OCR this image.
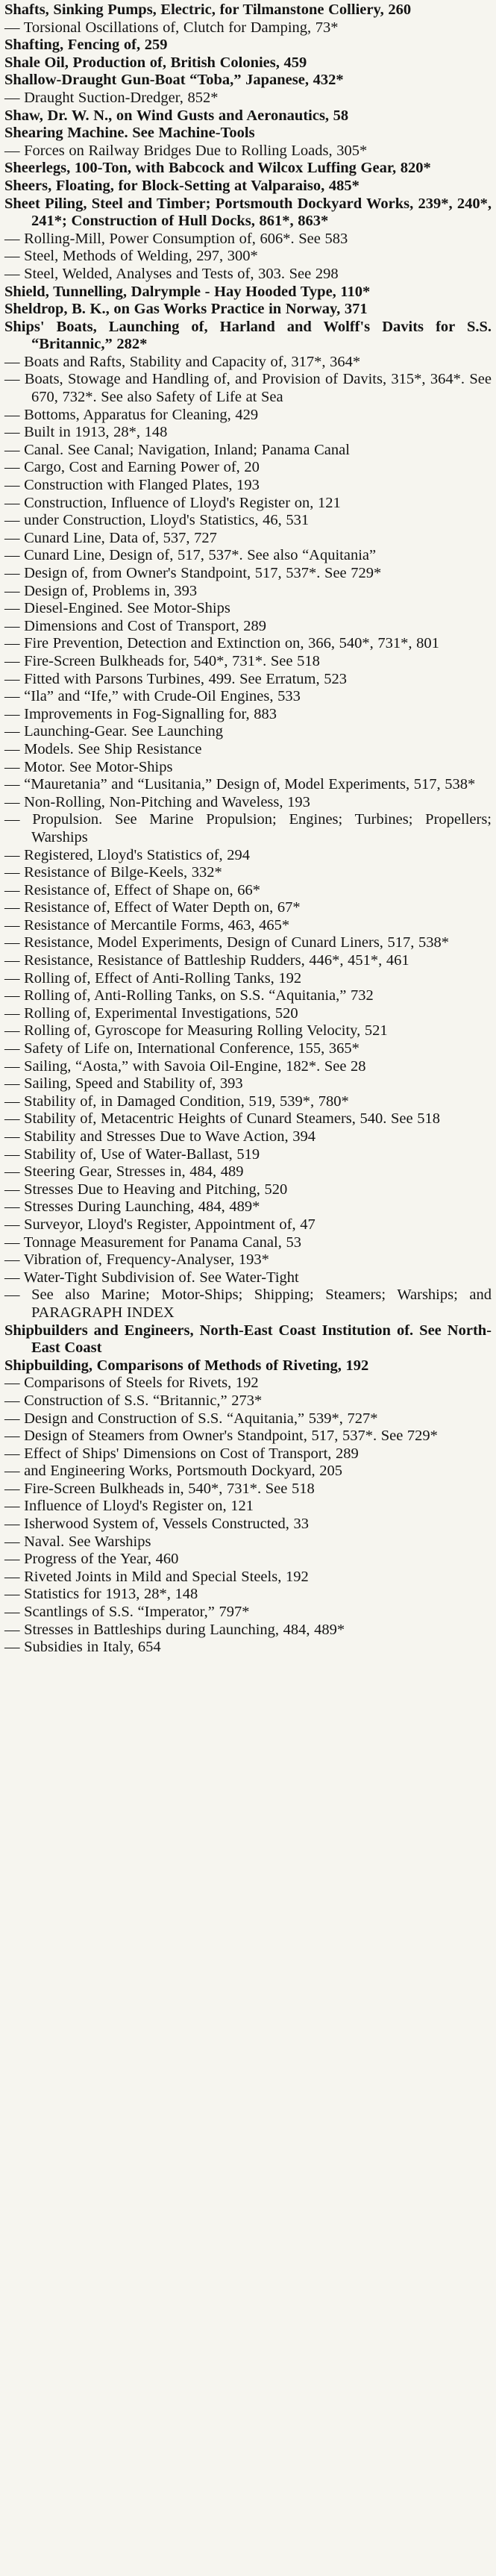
Shafts, Sinking Pumps, Electric, for Tilmanstone Colliery, 260

— Torsional Oscillations of, Clutch for Damping, 73*

Shafting, Fencing of, 259

Shale Oil, Production of, British Colonies, 459

Shallow-Draught Gun-Boat “Toba,” Japanese, 432*

— Draught Suction-Dredger, 852*

Shaw, Dr. W. N., on Wind Gusts and Aeronautics, 58

Shearing Machine. See Machine-Tools

— Forces on Railway Bridges Due to Rolling Loads, 305*

Sheerlegs, 100-Ton, with Babcock and Wilcox Luffing Gear, 820*

Sheers, Floating, for Block-Setting at Valparaiso, 485*

Sheet Piling, Steel and Timber; Portsmouth Dockyard Works, 239*, 240*, 241*; Construction of Hull Docks, 861*, 863*

— Rolling-Mill, Power Consumption of, 606*. See 583

— Steel, Methods of Welding, 297, 300*

— Steel, Welded, Analyses and Tests of, 303. See 298

Shield, Tunnelling, Dalrymple - Hay Hooded Type, 110*

Sheldrop, B. K., on Gas Works Practice in Norway, 371

Ships' Boats, Launching of, Harland and Wolff's Davits for S.S. “Britannic,” 282*

— Boats and Rafts, Stability and Capacity of, 317*, 364*

— Boats, Stowage and Handling of, and Provision of Davits, 315*, 364*. See 670, 732*. See also Safety of Life at Sea

— Bottoms, Apparatus for Cleaning, 429

— Built in 1913, 28*, 148

— Canal. See Canal; Navigation, Inland; Panama Canal

— Cargo, Cost and Earning Power of, 20

— Construction with Flanged Plates, 193

— Construction, Influence of Lloyd's Register on, 121

— under Construction, Lloyd's Statistics, 46, 531

— Cunard Line, Data of, 537, 727

— Cunard Line, Design of, 517, 537*. See also “Aquitania”

— Design of, from Owner's Standpoint, 517, 537*. See 729*

— Design of, Problems in, 393

— Diesel-Engined. See Motor-Ships

— Dimensions and Cost of Transport, 289

— Fire Prevention, Detection and Extinction on, 366, 540*, 731*, 801

— Fire-Screen Bulkheads for, 540*, 731*. See 518

— Fitted with Parsons Turbines, 499. See Erratum, 523

— “Ila” and “Ife,” with Crude-Oil Engines, 533

— Improvements in Fog-Signalling for, 883

— Launching-Gear. See Launching

— Models. See Ship Resistance

— Motor. See Motor-Ships

— “Mauretania” and “Lusitania,” Design of, Model Experiments, 517, 538*

— Non-Rolling, Non-Pitching and Waveless, 193

— Propulsion. See Marine Propulsion; Engines; Turbines; Propellers; Warships

— Registered, Lloyd's Statistics of, 294

— Resistance of Bilge-Keels, 332*

— Resistance of, Effect of Shape on, 66*

— Resistance of, Effect of Water Depth on, 67*

— Resistance of Mercantile Forms, 463, 465*

— Resistance, Model Experiments, Design of Cunard Liners, 517, 538*

— Resistance, Resistance of Battleship Rudders, 446*, 451*, 461

— Rolling of, Effect of Anti-Rolling Tanks, 192

— Rolling of, Anti-Rolling Tanks, on S.S. “Aquitania,” 732

— Rolling of, Experimental Investigations, 520

— Rolling of, Gyroscope for Measuring Rolling Velocity, 521

— Safety of Life on, International Conference, 155, 365*

— Sailing, “Aosta,” with Savoia Oil-Engine, 182*. See 28

— Sailing, Speed and Stability of, 393

— Stability of, in Damaged Condition, 519, 539*, 780*

— Stability of, Metacentric Heights of Cunard Steamers, 540. See 518

— Stability and Stresses Due to Wave Action, 394

— Stability of, Use of Water-Ballast, 519

— Steering Gear, Stresses in, 484, 489

— Stresses Due to Heaving and Pitching, 520

— Stresses During Launching, 484, 489*

— Surveyor, Lloyd's Register, Appointment of, 47

— Tonnage Measurement for Panama Canal, 53

— Vibration of, Frequency-Analyser, 193*

— Water-Tight Subdivision of. See Water-Tight

— See also Marine; Motor-Ships; Shipping; Steamers; Warships; and PARAGRAPH INDEX

Shipbuilders and Engineers, North-East Coast Institution of. See North-East Coast

Shipbuilding, Comparisons of Methods of Riveting, 192

— Comparisons of Steels for Rivets, 192

— Construction of S.S. “Britannic,” 273*

— Design and Construction of S.S. “Aquitania,” 539*, 727*

— Design of Steamers from Owner's Standpoint, 517, 537*. See 729*

— Effect of Ships' Dimensions on Cost of Transport, 289

— and Engineering Works, Portsmouth Dockyard, 205

— Fire-Screen Bulkheads in, 540*, 731*. See 518

— Influence of Lloyd's Register on, 121

— Isherwood System of, Vessels Constructed, 33

— Naval. See Warships

— Progress of the Year, 460

— Riveted Joints in Mild and Special Steels, 192

— Statistics for 1913, 28*, 148

— Scantlings of S.S. “Imperator,” 797*

— Stresses in Battleships during Launching, 484, 489*

— Subsidies in Italy, 654
